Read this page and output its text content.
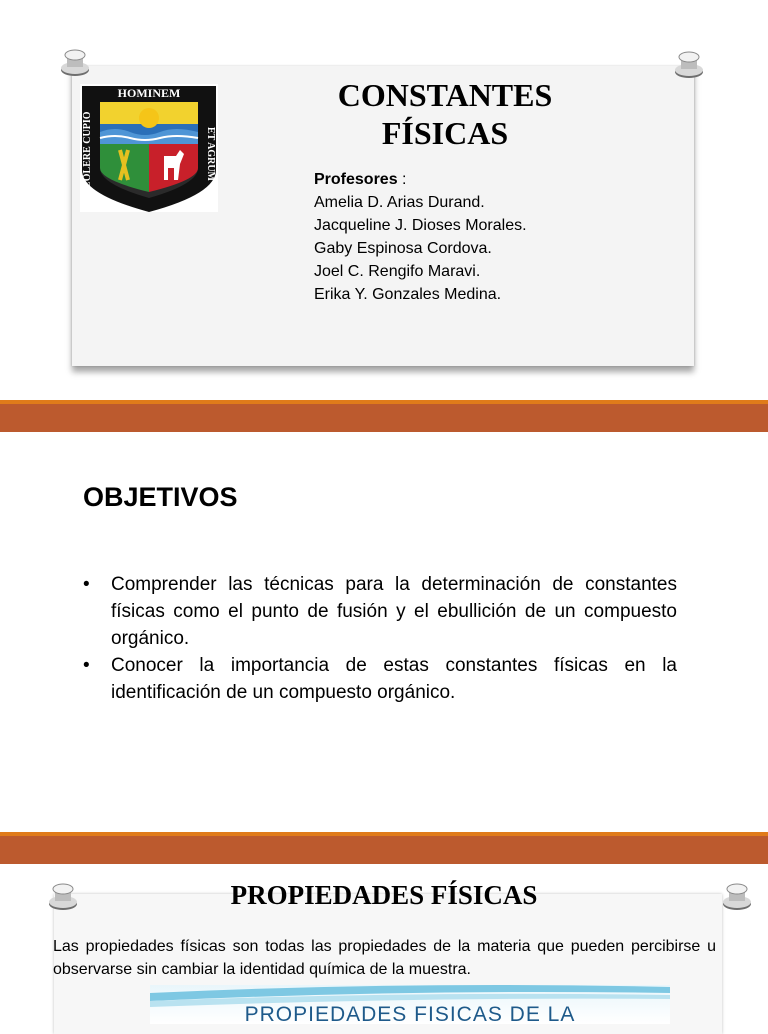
HOMINEM
ET AGRUM
COLERE CUPIO
CONSTANTES
FÍSICAS
Profesores :
Amelia D. Arias Durand.
Jacqueline J. Dioses Morales.
Gaby Espinosa Cordova.
Joel C. Rengifo Maravi.
Erika Y. Gonzales Medina.
OBJETIVOS
• Comprender las técnicas para la determinación de constantes físicas como el punto de fusión y el ebullición de un compuesto orgánico.
• Conocer la importancia de estas constantes físicas en la identificación de un compuesto orgánico.
PROPIEDADES FÍSICAS
Las propiedades físicas son todas las propiedades de la materia que pueden percibirse u observarse sin cambiar la identidad química de la muestra.
PROPIEDADES FISICAS DE LA
